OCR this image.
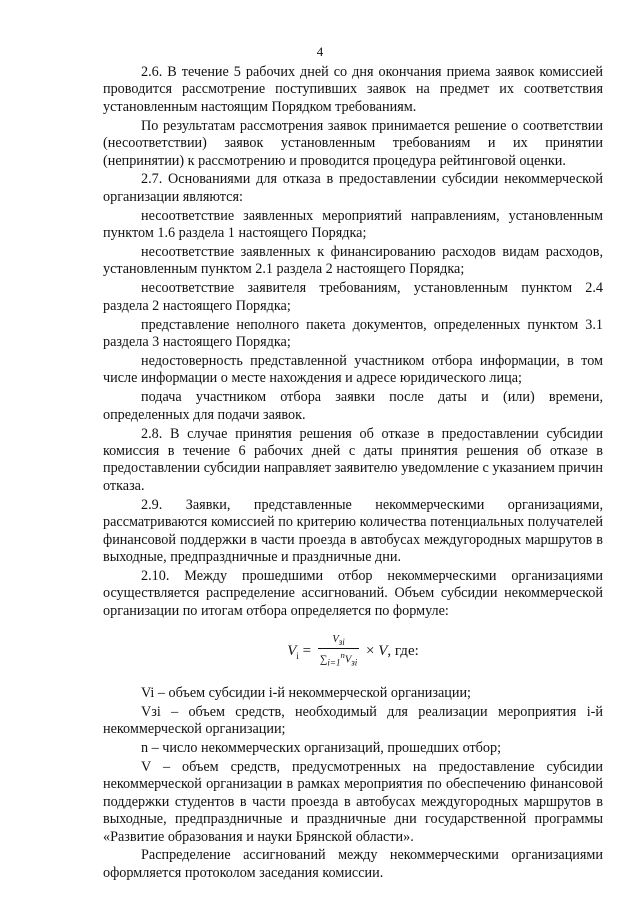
4

2.6. В течение 5 рабочих дней со дня окончания приема заявок комиссией проводится рассмотрение поступивших заявок на предмет их соответствия установленным настоящим Порядком требованиям.

По результатам рассмотрения заявок принимается решение о соответствии (несоответствии) заявок установленным требованиям и их принятии (непринятии) к рассмотрению и проводится процедура рейтинговой оценки.

2.7. Основаниями для отказа в предоставлении субсидии некоммерческой организации являются:

несоответствие заявленных мероприятий направлениям, установленным пунктом 1.6 раздела 1 настоящего Порядка;

несоответствие заявленных к финансированию расходов видам расходов, установленным пунктом 2.1 раздела 2 настоящего Порядка;

несоответствие заявителя требованиям, установленным пунктом 2.4 раздела 2 настоящего Порядка;

представление неполного пакета документов, определенных пунктом 3.1 раздела 3 настоящего Порядка;

недостоверность представленной участником отбора информации, в том числе информации о месте нахождения и адресе юридического лица;

подача участником отбора заявки после даты и (или) времени, определенных для подачи заявок.

2.8. В случае принятия решения об отказе в предоставлении субсидии комиссия в течение 6 рабочих дней с даты принятия решения об отказе в предоставлении субсидии направляет заявителю уведомление с указанием причин отказа.

2.9. Заявки, представленные некоммерческими организациями, рассматриваются комиссией по критерию количества потенциальных получателей финансовой поддержки в части проезда в автобусах междугородных маршрутов в выходные, предпраздничные и праздничные дни.

2.10. Между прошедшими отбор некоммерческими организациями осуществляется распределение ассигнований. Объем субсидии некоммерческой организации по итогам отбора определяется по формуле:

$V_i = \frac{V_{зi}}{\sum_{i=1}^nV_{зi}} \times V$, где:

Vi – объем субсидии i-й некоммерческой организации;

Vзi – объем средств, необходимый для реализации мероприятия i-й некоммерческой организации;

n – число некоммерческих организаций, прошедших отбор;

V – объем средств, предусмотренных на предоставление субсидии некоммерческой организации в рамках мероприятия по обеспечению финансовой поддержки студентов в части проезда в автобусах междугородных маршрутов в выходные, предпраздничные и праздничные дни государственной программы «Развитие образования и науки Брянской области».

Распределение ассигнований между некоммерческими организациями оформляется протоколом заседания комиссии.
